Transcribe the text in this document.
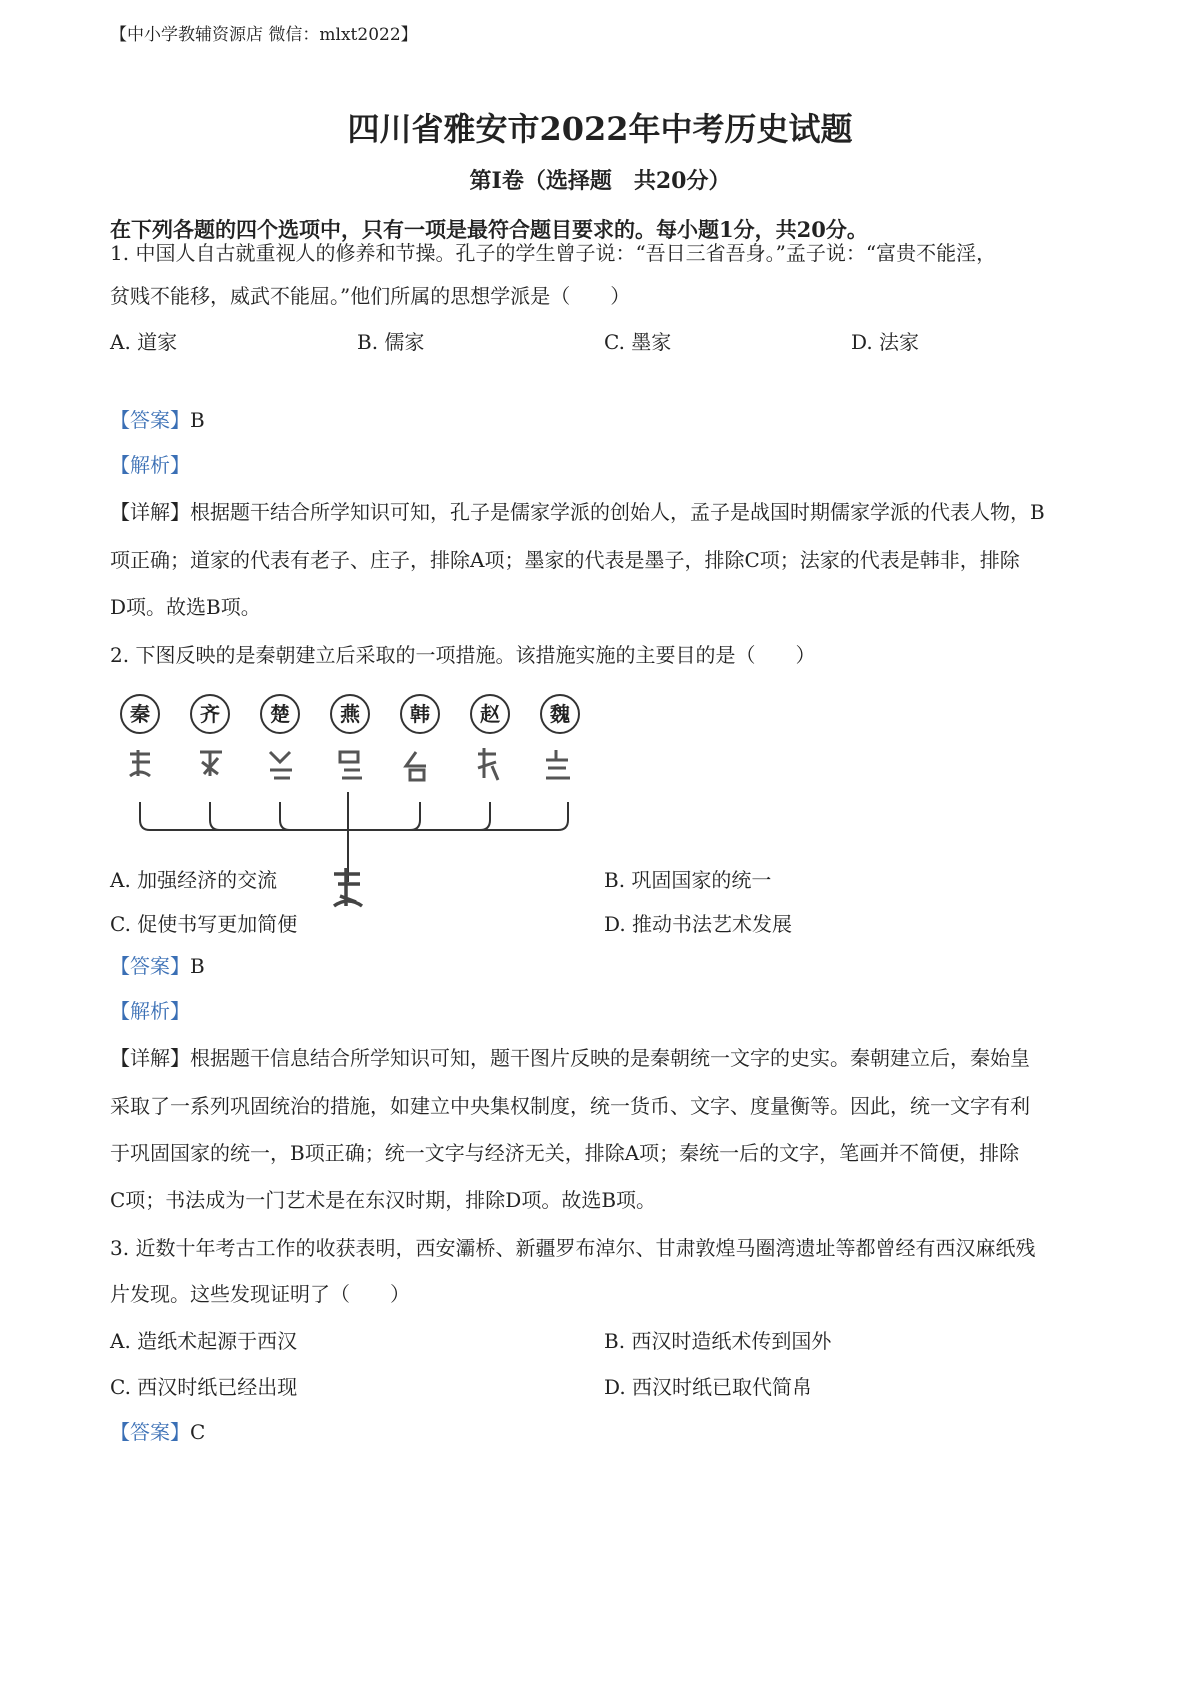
【中小学教辅资源店 微信：mlxt2022】
四川省雅安市2022年中考历史试题
第Ⅰ卷（选择题　共20分）
在下列各题的四个选项中，只有一项是最符合题目要求的。每小题1分，共20分。
1. 中国人自古就重视人的修养和节操。孔子的学生曾子说：“吾日三省吾身。”孟子说：“富贵不能淫，
贫贱不能移，威武不能屈。”他们所属的思想学派是（　　）
A. 道家	B. 儒家	C. 墨家	D. 法家
【答案】B
【解析】
【详解】根据题干结合所学知识可知，孔子是儒家学派的创始人，孟子是战国时期儒家学派的代表人物，B
项正确；道家的代表有老子、庄子，排除A项；墨家的代表是墨子，排除C项；法家的代表是韩非，排除
D项。故选B项。
2. 下图反映的是秦朝建立后采取的一项措施。该措施实施的主要目的是（　　）
秦	齐	楚	燕	韩	赵	魏
A. 加强经济的交流	B. 巩固国家的统一
C. 促使书写更加简便	D. 推动书法艺术发展
【答案】B
【解析】
【详解】根据题干信息结合所学知识可知，题干图片反映的是秦朝统一文字的史实。秦朝建立后，秦始皇
采取了一系列巩固统治的措施，如建立中央集权制度，统一货币、文字、度量衡等。因此，统一文字有利
于巩固国家的统一，B项正确；统一文字与经济无关，排除A项；秦统一后的文字，笔画并不简便，排除
C项；书法成为一门艺术是在东汉时期，排除D项。故选B项。
3. 近数十年考古工作的收获表明，西安灞桥、新疆罗布淖尔、甘肃敦煌马圈湾遗址等都曾经有西汉麻纸残
片发现。这些发现证明了（　　）
A. 造纸术起源于西汉	B. 西汉时造纸术传到国外
C. 西汉时纸已经出现	D. 西汉时纸已取代简帛
【答案】C
